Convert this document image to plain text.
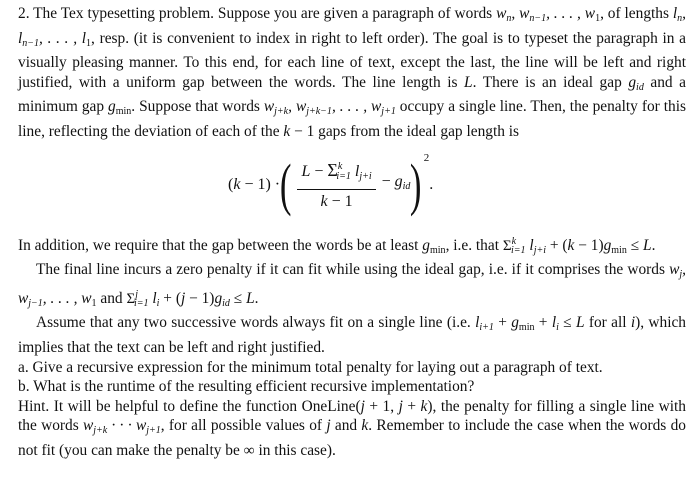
2. The Tex typesetting problem. Suppose you are given a paragraph of words $w_n$, $w_{n-1}$, . . . , $w_1$, of lengths $l_n$, $l_{n-1}$, . . . , $l_1$, resp. (it is convenient to index in right to left order). The goal is to typeset the paragraph in a visually pleasing manner. To this end, for each line of text, except the last, the line will be left and right justified, with a uniform gap between the words. The line length is L. There is an ideal gap $g_{id}$ and a minimum gap $g_{min}$. Suppose that words $w_{j+k}$, $w_{j+k-1}$, . . . , $w_{j+1}$ occupy a single line. Then, the penalty for this line, reflecting the deviation of each of the k − 1 gaps from the ideal gap length is

(k − 1) · ( $\frac{L - \Sigma^k_{i=1} l_{j+i}}{k - 1} - g_{id}$ ) 2
.

In addition, we require that the gap between the words be at least $g_{min}$, i.e. that $\Sigma^k_{i=1}$ $l_{j+i} + (k - 1)g_{min} \le L$.

The final line incurs a zero penalty if it can fit while using the ideal gap, i.e. if it comprises the words $w_j$, $w_{j-1}$, . . . , $w_1$ and $\Sigma^j_{i=1}$ $l_i + (j - 1)g_{id} \le L$.

Assume that any two successive words always fit on a single line (i.e. $l_{i+1} + g_{min} + l_i \le L$ for all i), which implies that the text can be left and right justified.

a. Give a recursive expression for the minimum total penalty for laying out a paragraph of text.

b. What is the runtime of the resulting efficient recursive implementation?

Hint. It will be helpful to define the function OneLine(j + 1, j + k), the penalty for filling a single line with the words $w_{j+k}$ · · · $w_{j+1}$, for all possible values of j and k. Remember to include the case when the words do not fit (you can make the penalty be ∞ in this case).
